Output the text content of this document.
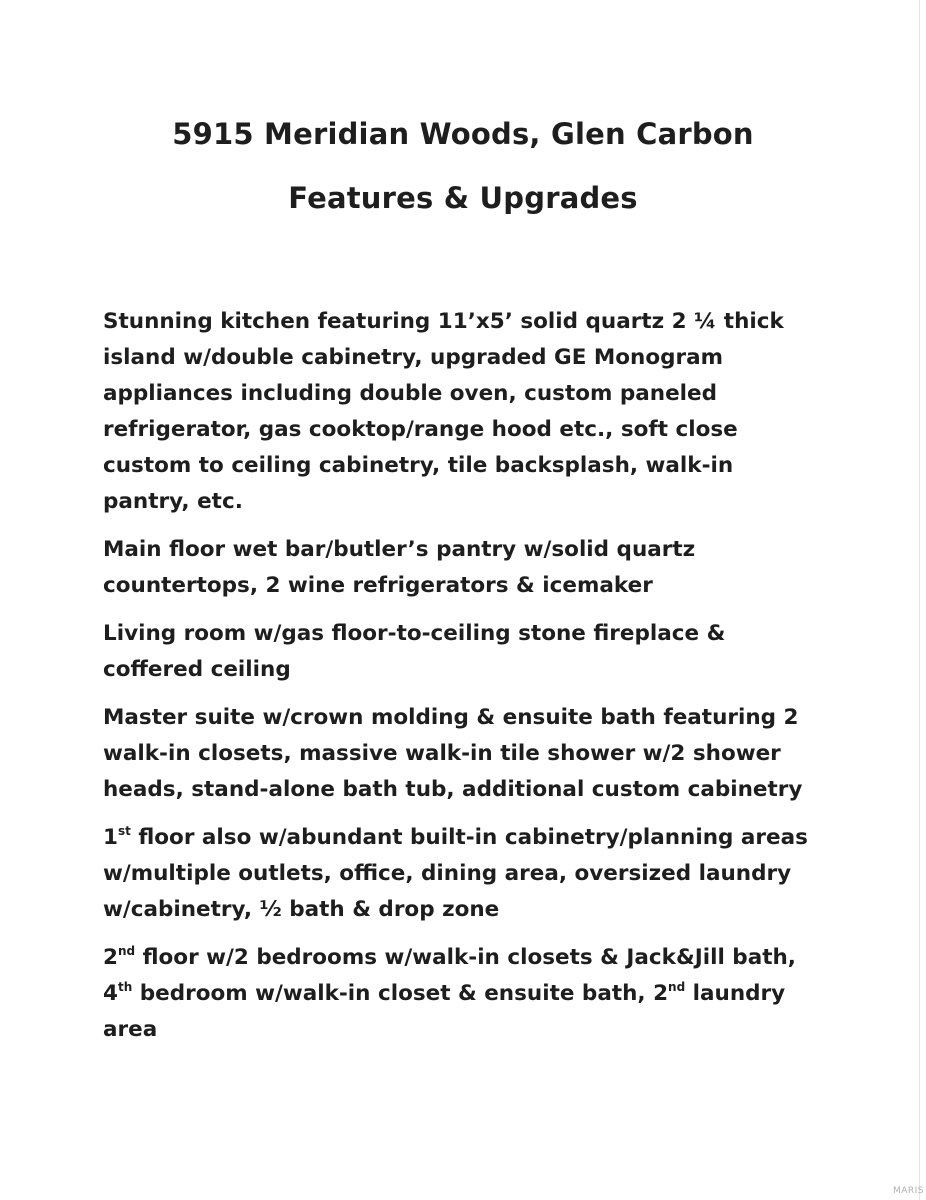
5915 Meridian Woods, Glen Carbon
Features & Upgrades
Stunning kitchen featuring 11’x5’ solid quartz 2 ¼ thick island w/double cabinetry, upgraded GE Monogram appliances including double oven, custom paneled refrigerator, gas cooktop/range hood etc., soft close custom to ceiling cabinetry, tile backsplash, walk-in pantry, etc.
Main floor wet bar/butler’s pantry w/solid quartz countertops, 2 wine refrigerators & icemaker
Living room w/gas floor-to-ceiling stone fireplace & coffered ceiling
Master suite w/crown molding & ensuite bath featuring 2 walk-in closets, massive walk-in tile shower w/2 shower heads, stand-alone bath tub, additional custom cabinetry
1st floor also w/abundant built-in cabinetry/planning areas w/multiple outlets, office, dining area, oversized laundry w/cabinetry, ½ bath & drop zone
2nd floor w/2 bedrooms w/walk-in closets & Jack&Jill bath, 4th bedroom w/walk-in closet & ensuite bath, 2nd laundry area
MARIS
